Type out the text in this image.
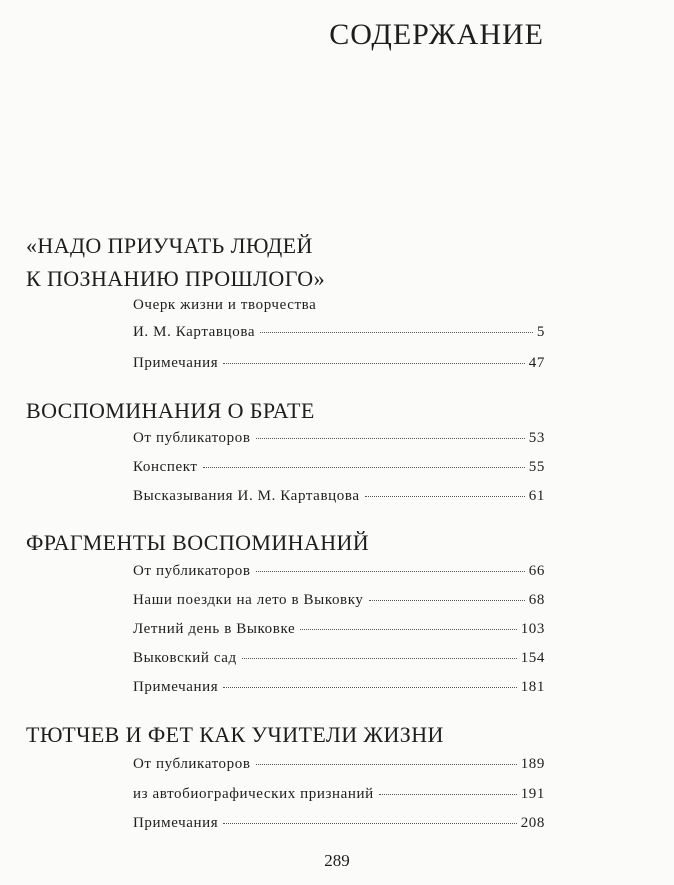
СОДЕРЖАНИЕ
«НАДО ПРИУЧАТЬ ЛЮДЕЙ
К ПОЗНАНИЮ ПРОШЛОГО»
Очерк жизни и творчества
И. М. Картавцова	5
Примечания	47
ВОСПОМИНАНИЯ О БРАТЕ
От публикаторов	53
Конспект	55
Высказывания И. М. Картавцова	61
ФРАГМЕНТЫ ВОСПОМИНАНИЙ
От публикаторов	66
Наши поездки на лето в Выковку	68
Летний день в Выковке	103
Выковский сад	154
Примечания	181
ТЮТЧЕВ И ФЕТ КАК УЧИТЕЛИ ЖИЗНИ
От публикаторов	189
из автобиографических признаний	191
Примечания	208
289
